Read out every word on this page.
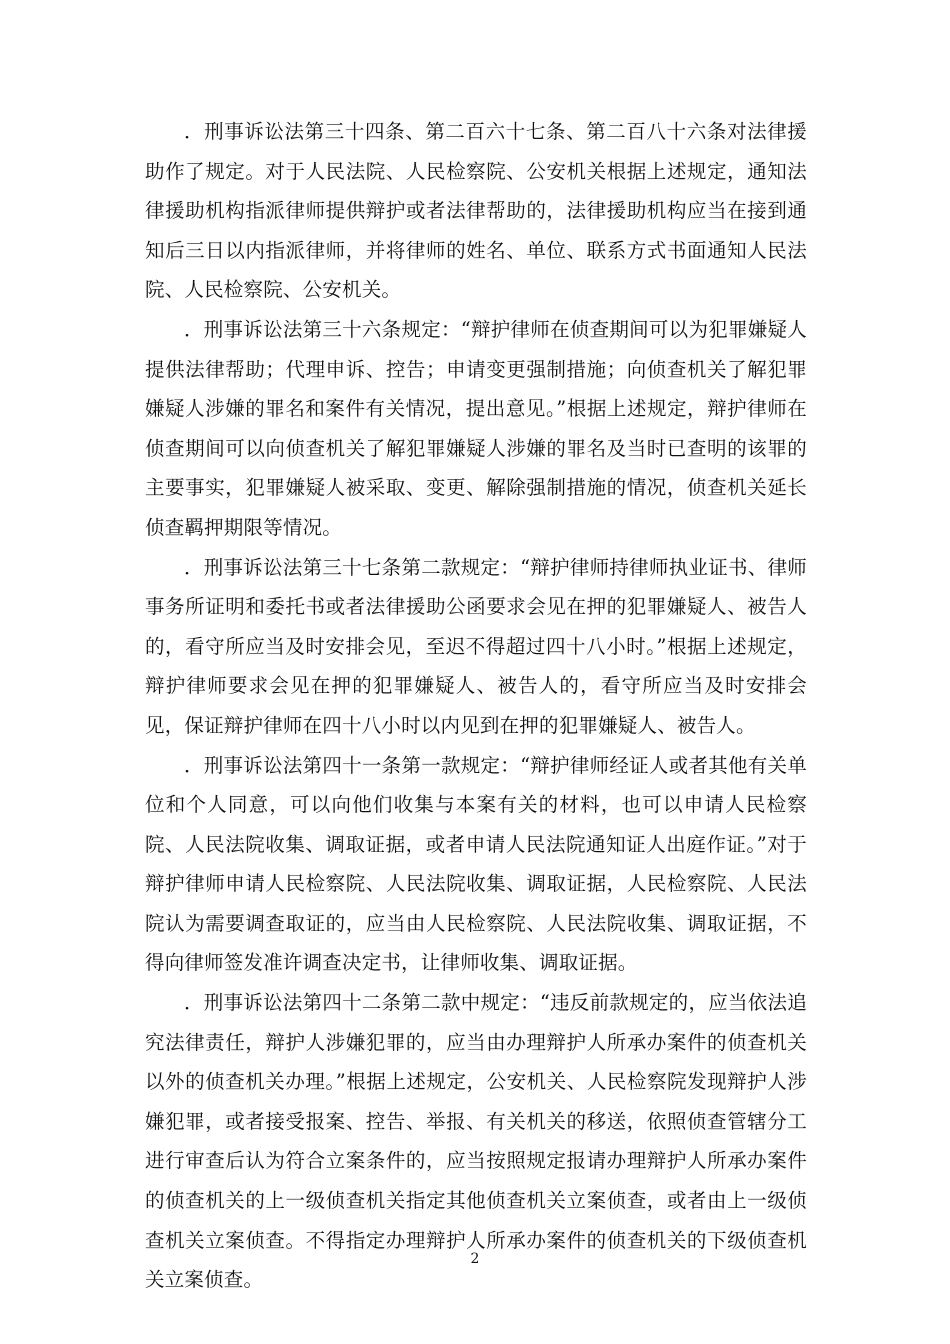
．刑事诉讼法第三十四条、第二百六十七条、第二百八十六条对法律援助作了规定。对于人民法院、人民检察院、公安机关根据上述规定，通知法律援助机构指派律师提供辩护或者法律帮助的，法律援助机构应当在接到通知后三日以内指派律师，并将律师的姓名、单位、联系方式书面通知人民法院、人民检察院、公安机关。

．刑事诉讼法第三十六条规定：“辩护律师在侦查期间可以为犯罪嫌疑人提供法律帮助；代理申诉、控告；申请变更强制措施；向侦查机关了解犯罪嫌疑人涉嫌的罪名和案件有关情况，提出意见。”根据上述规定，辩护律师在侦查期间可以向侦查机关了解犯罪嫌疑人涉嫌的罪名及当时已查明的该罪的主要事实，犯罪嫌疑人被采取、变更、解除强制措施的情况，侦查机关延长侦查羁押期限等情况。

．刑事诉讼法第三十七条第二款规定：“辩护律师持律师执业证书、律师事务所证明和委托书或者法律援助公函要求会见在押的犯罪嫌疑人、被告人的，看守所应当及时安排会见，至迟不得超过四十八小时。”根据上述规定，辩护律师要求会见在押的犯罪嫌疑人、被告人的，看守所应当及时安排会见，保证辩护律师在四十八小时以内见到在押的犯罪嫌疑人、被告人。

．刑事诉讼法第四十一条第一款规定：“辩护律师经证人或者其他有关单位和个人同意，可以向他们收集与本案有关的材料，也可以申请人民检察院、人民法院收集、调取证据，或者申请人民法院通知证人出庭作证。”对于辩护律师申请人民检察院、人民法院收集、调取证据，人民检察院、人民法院认为需要调查取证的，应当由人民检察院、人民法院收集、调取证据，不得向律师签发准许调查决定书，让律师收集、调取证据。

．刑事诉讼法第四十二条第二款中规定：“违反前款规定的，应当依法追究法律责任，辩护人涉嫌犯罪的，应当由办理辩护人所承办案件的侦查机关以外的侦查机关办理。”根据上述规定，公安机关、人民检察院发现辩护人涉嫌犯罪，或者接受报案、控告、举报、有关机关的移送，依照侦查管辖分工进行审查后认为符合立案条件的，应当按照规定报请办理辩护人所承办案件的侦查机关的上一级侦查机关指定其他侦查机关立案侦查，或者由上一级侦查机关立案侦查。不得指定办理辩护人所承办案件的侦查机关的下级侦查机关立案侦查。

2
